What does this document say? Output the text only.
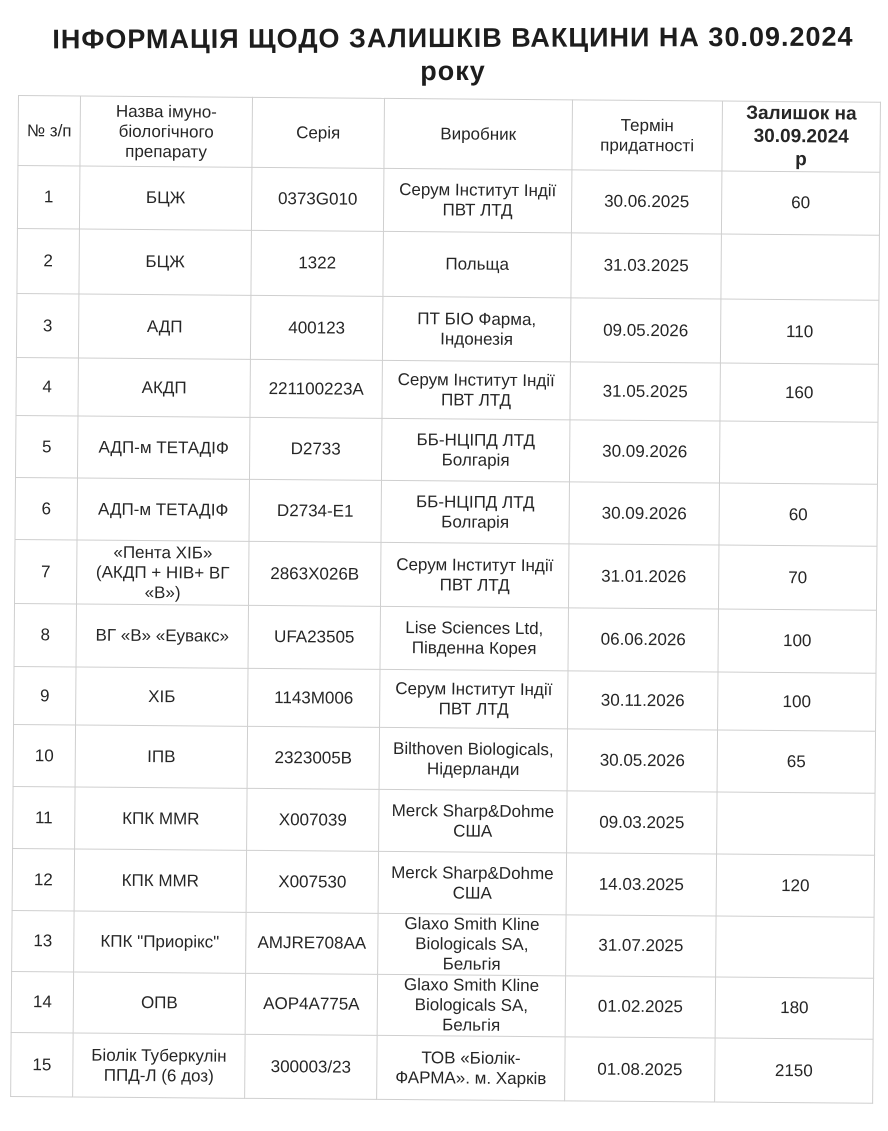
ІНФОРМАЦІЯ ЩОДО ЗАЛИШКІВ ВАКЦИНИ НА 30.09.2024 року
№ з/п	Назва імуно-
біологічного
препарату	Серія	Виробник	Термін
придатності	Залишок на
30.09.2024
р
1	БЦЖ	0373G010	Серум Інститут Індії
ПВТ ЛТД	30.06.2025	60
2	БЦЖ	1322	Польща	31.03.2025	
3	АДП	400123	ПТ БІО Фарма,
Індонезія	09.05.2026	110
4	АКДП	221100223A	Серум Інститут Індії
ПВТ ЛТД	31.05.2025	160
5	АДП-м ТЕТАДІФ	D2733	ББ-НЦІПД ЛТД
Болгарія	30.09.2026	
6	АДП-м ТЕТАДІФ	D2734-E1	ББ-НЦІПД ЛТД
Болгарія	30.09.2026	60
7	«Пента ХІБ»
(АКДП + НІВ+ ВГ
«В»)	2863X026B	Серум Інститут Індії
ПВТ ЛТД	31.01.2026	70
8	ВГ «В» «Еувакс»	UFA23505	Lise Sciences Ltd,
Південна Корея	06.06.2026	100
9	ХІБ	1143M006	Серум Інститут Індії
ПВТ ЛТД	30.11.2026	100
10	ІПВ	2323005B	Bilthoven Biologicals,
Нідерланди	30.05.2026	65
11	КПК MMR	X007039	Merck Sharp&Dohme
США	09.03.2025	
12	КПК MMR	X007530	Merck Sharp&Dohme
США	14.03.2025	120
13	КПК "Приорікс"	AMJRE708AA	Glaxo Smith Kline
Biologicals SA,
Бельгія	31.07.2025	
14	ОПВ	AOP4A775A	Glaxo Smith Kline
Biologicals SA,
Бельгія	01.02.2025	180
15	Біолік Туберкулін
ППД-Л (6 доз)	300003/23	ТОВ «Біолік-
ФАРМА». м. Харків	01.08.2025	2150
